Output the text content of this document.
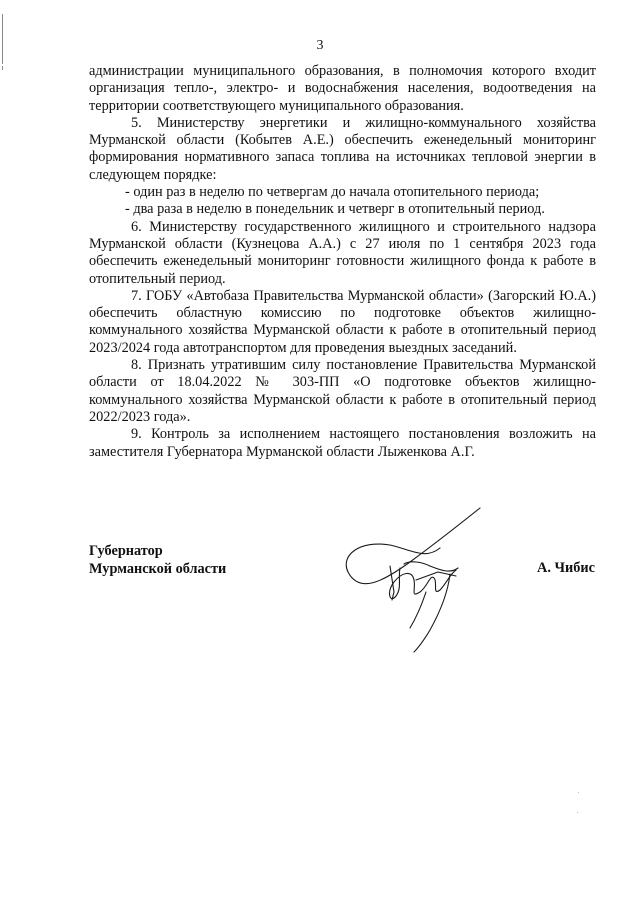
3

администрации муниципального образования, в полномочия которого входит организация тепло-, электро- и водоснабжения населения, водоотведения на территории соответствующего муниципального образования.

5. Министерству энергетики и жилищно-коммунального хозяйства Мурманской области (Кобытев А.Е.) обеспечить еженедельный мониторинг формирования нормативного запаса топлива на источниках тепловой энергии в следующем порядке:

- один раз в неделю по четвергам до начала отопительного периода;

- два раза в неделю в понедельник и четверг в отопительный период.

6. Министерству государственного жилищного и строительного надзора Мурманской области (Кузнецова А.А.) с 27 июля по 1 сентября 2023 года обеспечить еженедельный мониторинг готовности жилищного фонда к работе в отопительный период.

7. ГОБУ «Автобаза Правительства Мурманской области» (Загорский Ю.А.) обеспечить областную комиссию по подготовке объектов жилищно-коммунального хозяйства Мурманской области к работе в отопительный период 2023/2024 года автотранспортом для проведения выездных заседаний.

8. Признать утратившим силу постановление Правительства Мурманской области от 18.04.2022 № 303-ПП «О подготовке объектов жилищно-коммунального хозяйства Мурманской области к работе в отопительный период 2022/2023 года».

9. Контроль за исполнением настоящего постановления возложить на заместителя Губернатора Мурманской области Лыженкова А.Г.

Губернатор
Мурманской области	А. Чибис
